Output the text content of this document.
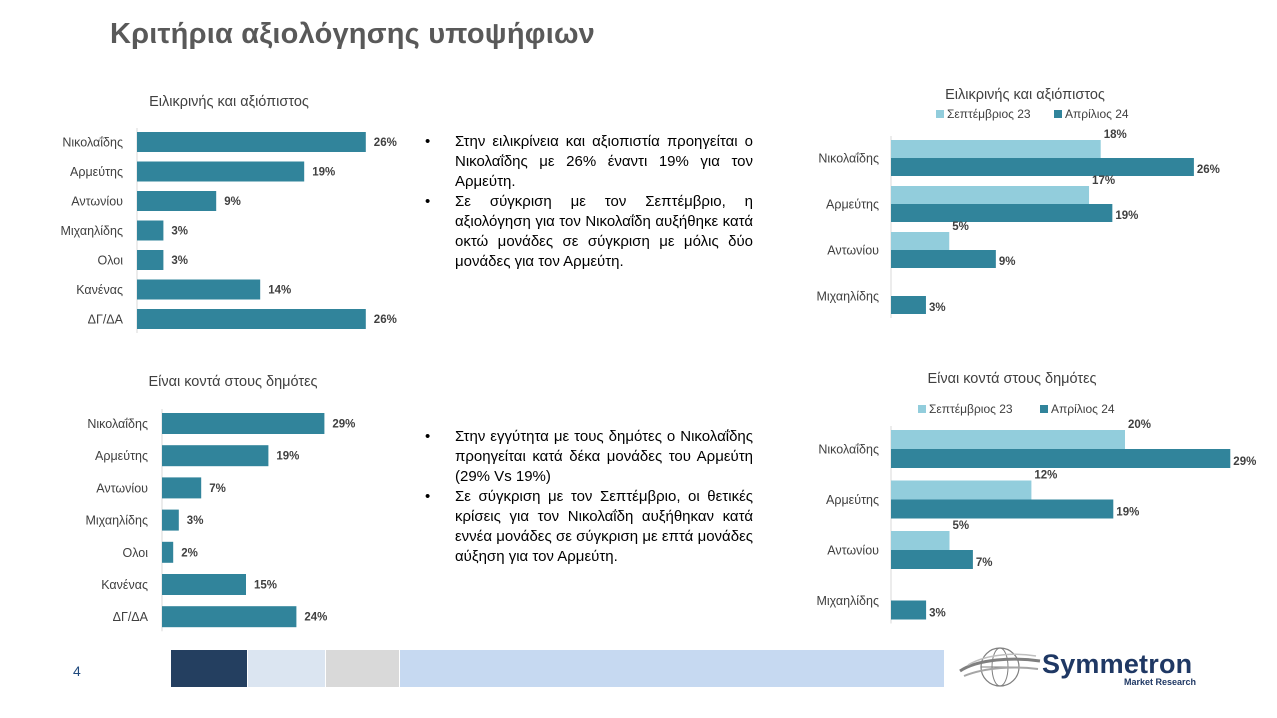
Κριτήρια αξιολόγησης υποψήφιων
Ειλικρινής και αξιόπιστος
Νικολαΐδης	26%
Αρμεύτης	19%
Αντωνίου	9%
Μιχαηλίδης	3%
Ολοι	3%
Κανένας	14%
ΔΓ/ΔΑ	26%
Ειλικρινής και αξιόπιστος
Σεπτέμβριος 23	Απρίλιος 24
Νικολαΐδης
18%
26%
Αρμεύτης
17%
19%
Αντωνίου
5%
9%
Μιχαηλίδης
3%
Είναι κοντά στους δημότες
Νικολαΐδης	29%
Αρμεύτης	19%
Αντωνίου	7%
Μιχαηλίδης	3%
Ολοι	2%
Κανένας	15%
ΔΓ/ΔΑ	24%
Είναι κοντά στους δημότες
Σεπτέμβριος 23	Απρίλιος 24
Νικολαΐδης
20%
29%
Αρμεύτης
12%
19%
Αντωνίου
5%
7%
Μιχαηλίδης
3%
• Στην ειλικρίνεια και αξιοπιστία προηγείται ο Νικολαΐδης με 26% έναντι 19% για τον Αρμεύτη.
• Σε σύγκριση με τον Σεπτέμβριο, η αξιολόγηση για τον Νικολαΐδη αυξήθηκε κατά οκτώ μονάδες σε σύγκριση με μόλις δύο μονάδες για τον Αρμεύτη.
• Στην εγγύτητα με τους δημότες ο Νικολαΐδης προηγείται κατά δέκα μονάδες του Αρμεύτη (29% Vs 19%)
• Σε σύγκριση με τον Σεπτέμβριο, οι θετικές κρίσεις για τον Νικολαΐδη αυξήθηκαν κατά εννέα μονάδες σε σύγκριση με επτά μονάδες αύξηση για τον Αρμεύτη.
4	Symmetron
Market Research
